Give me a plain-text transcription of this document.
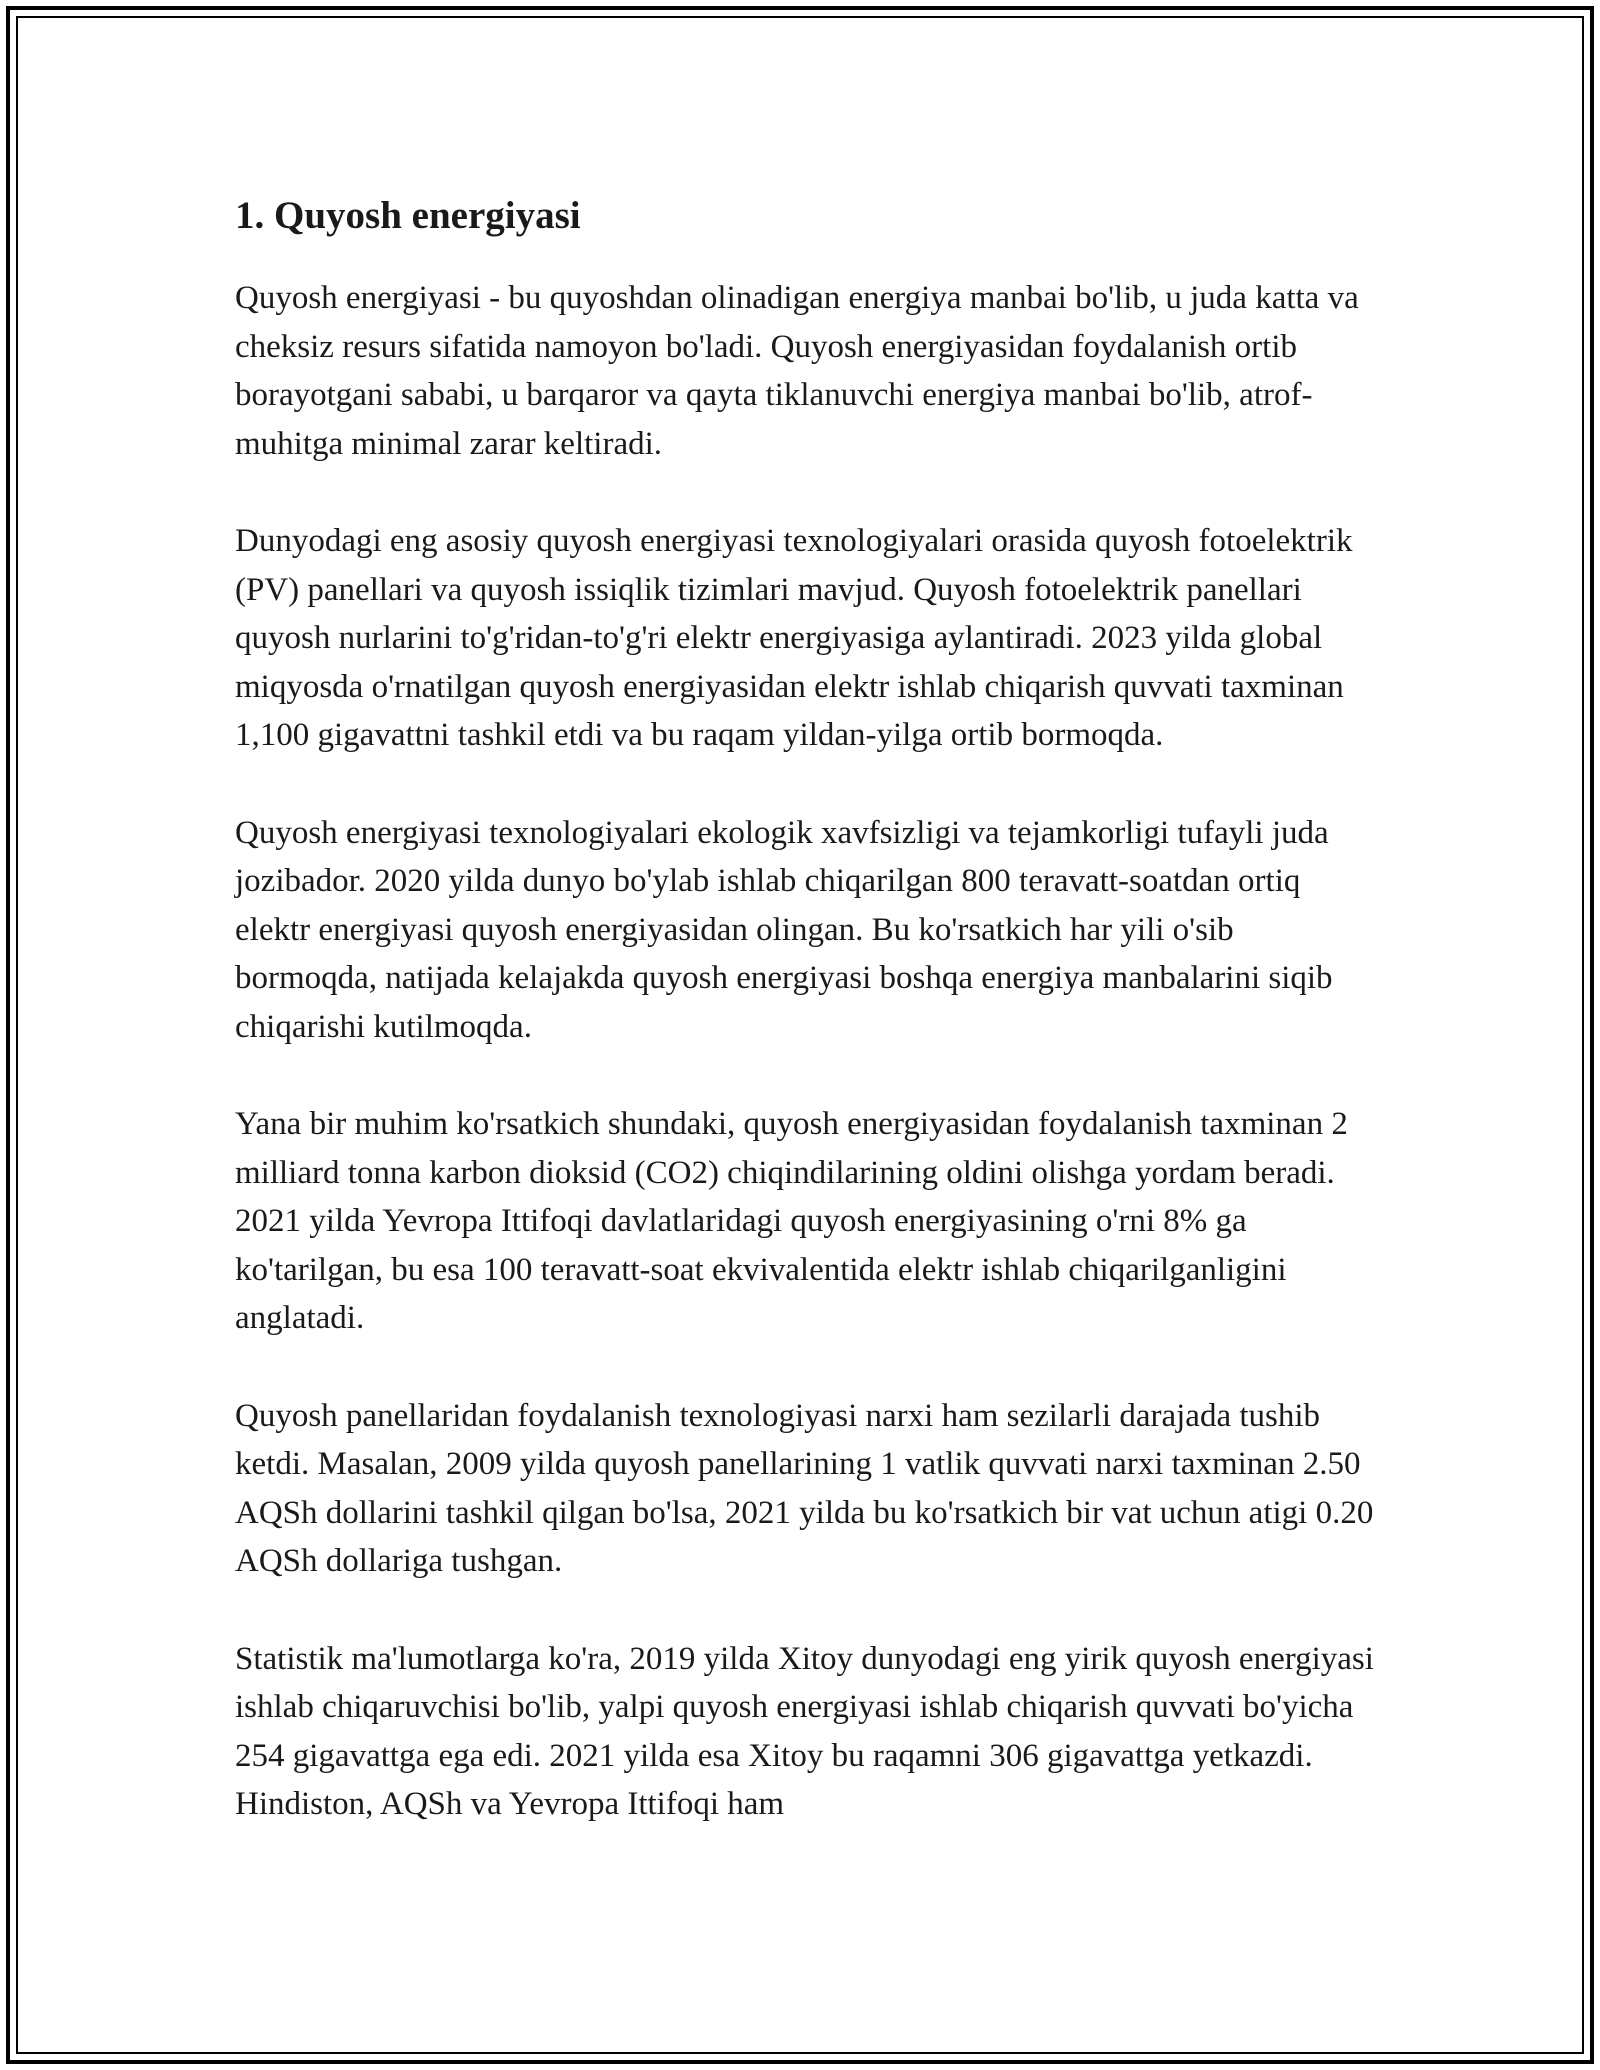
1. Quyosh energiyasi

Quyosh energiyasi - bu quyoshdan olinadigan energiya manbai bo'lib, u juda katta va cheksiz resurs sifatida namoyon bo'ladi. Quyosh energiyasidan foydalanish ortib borayotgani sababi, u barqaror va qayta tiklanuvchi energiya manbai bo'lib, atrof-muhitga minimal zarar keltiradi.

Dunyodagi eng asosiy quyosh energiyasi texnologiyalari orasida quyosh fotoelektrik (PV) panellari va quyosh issiqlik tizimlari mavjud. Quyosh fotoelektrik panellari quyosh nurlarini to'g'ridan-to'g'ri elektr energiyasiga aylantiradi. 2023 yilda global miqyosda o'rnatilgan quyosh energiyasidan elektr ishlab chiqarish quvvati taxminan 1,100 gigavattni tashkil etdi va bu raqam yildan-yilga ortib bormoqda.

Quyosh energiyasi texnologiyalari ekologik xavfsizligi va tejamkorligi tufayli juda jozibador. 2020 yilda dunyo bo'ylab ishlab chiqarilgan 800 teravatt-soatdan ortiq elektr energiyasi quyosh energiyasidan olingan. Bu ko'rsatkich har yili o'sib bormoqda, natijada kelajakda quyosh energiyasi boshqa energiya manbalarini siqib chiqarishi kutilmoqda.

Yana bir muhim ko'rsatkich shundaki, quyosh energiyasidan foydalanish taxminan 2 milliard tonna karbon dioksid (CO2) chiqindilarining oldini olishga yordam beradi. 2021 yilda Yevropa Ittifoqi davlatlaridagi quyosh energiyasining o'rni 8% ga ko'tarilgan, bu esa 100 teravatt-soat ekvivalentida elektr ishlab chiqarilganligini anglatadi.

Quyosh panellaridan foydalanish texnologiyasi narxi ham sezilarli darajada tushib ketdi. Masalan, 2009 yilda quyosh panellarining 1 vatlik quvvati narxi taxminan 2.50 AQSh dollarini tashkil qilgan bo'lsa, 2021 yilda bu ko'rsatkich bir vat uchun atigi 0.20 AQSh dollariga tushgan.

Statistik ma'lumotlarga ko'ra, 2019 yilda Xitoy dunyodagi eng yirik quyosh energiyasi ishlab chiqaruvchisi bo'lib, yalpi quyosh energiyasi ishlab chiqarish quvvati bo'yicha 254 gigavattga ega edi. 2021 yilda esa Xitoy bu raqamni 306 gigavattga yetkazdi. Hindiston, AQSh va Yevropa Ittifoqi ham
